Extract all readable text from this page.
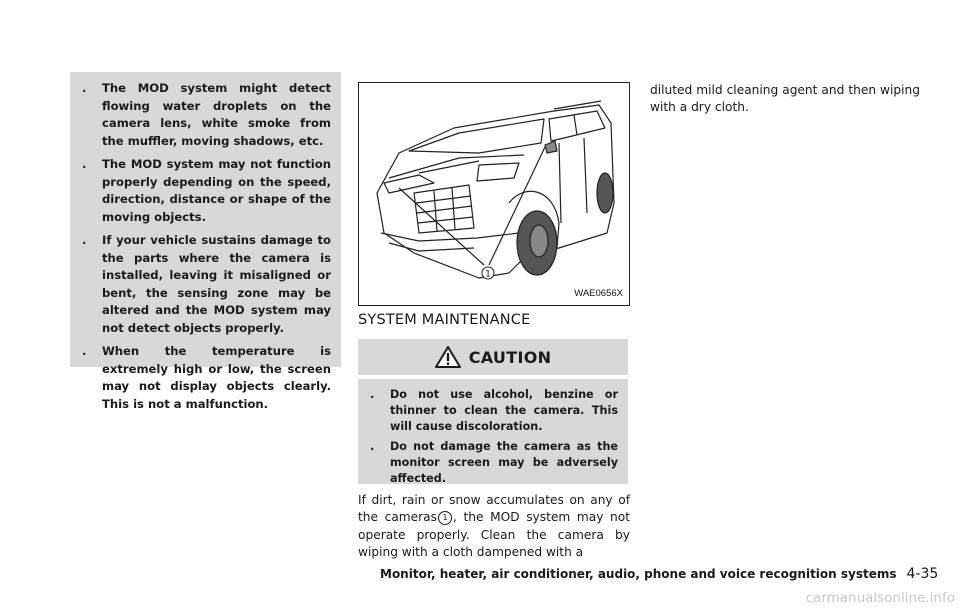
. The MOD system might detect flowing water droplets on the camera lens, white smoke from the muffler, moving shadows, etc.
. The MOD system may not function properly depending on the speed, direction, distance or shape of the moving objects.
. If your vehicle sustains damage to the parts where the camera is installed, leaving it misaligned or bent, the sensing zone may be altered and the MOD system may not detect objects properly.
. When the temperature is extremely high or low, the screen may not display objects clearly. This is not a malfunction.
1
WAE0656X
SYSTEM MAINTENANCE
CAUTION
. Do not use alcohol, benzine or thinner to clean the camera. This will cause discoloration.
. Do not damage the camera as the monitor screen may be adversely affected.
If dirt, rain or snow accumulates on any of the cameras 1 , the MOD system may not operate properly. Clean the camera by wiping with a cloth dampened with a
diluted mild cleaning agent and then wiping with a dry cloth.
Monitor, heater, air conditioner, audio, phone and voice recognition systems 4-35
carmanualsonline.info
